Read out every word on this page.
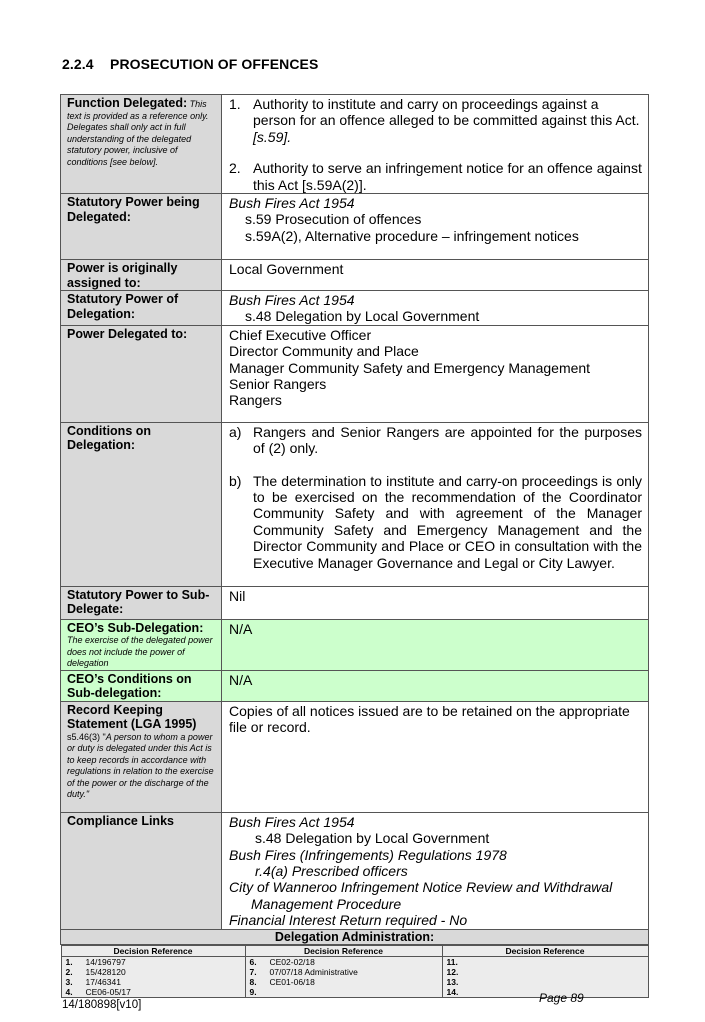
2.2.4 PROSECUTION OF OFFENCES
Function Delegated: This text is provided as a reference only. Delegates shall only act in full understanding of the delegated statutory power, inclusive of conditions [see below].

1. Authority to institute and carry on proceedings against a person for an offence alleged to be committed against this Act. [s.59].
2. Authority to serve an infringement notice for an offence against this Act [s.59A(2)].

Statutory Power being Delegated:

Bush Fires Act 1954
s.59 Prosecution of offences
s.59A(2), Alternative procedure – infringement notices

Power is originally assigned to:

Local Government

Statutory Power of Delegation:

Bush Fires Act 1954
s.48 Delegation by Local Government

Power Delegated to:	Chief Executive Officer
Director Community and Place
Manager Community Safety and Emergency Management
Senior Rangers
Rangers

Conditions on Delegation:

a) Rangers and Senior Rangers are appointed for the purposes of (2) only.
b) The determination to institute and carry-on proceedings is only to be exercised on the recommendation of the Coordinator Community Safety and with agreement of the Manager Community Safety and Emergency Management and the Director Community and Place or CEO in consultation with the Executive Manager Governance and Legal or City Lawyer.

Statutory Power to Sub-Delegate:

Nil

CEO’s Sub-Delegation:
The exercise of the delegated power does not include the power of delegation

N/A

CEO’s Conditions on Sub-delegation:

N/A

Record Keeping Statement (LGA 1995)
s5.46(3) "A person to whom a power or duty is delegated under this Act is to keep records in accordance with regulations in relation to the exercise of the power or the discharge of the duty."

Copies of all notices issued are to be retained on the appropriate file or record.

Compliance Links	Bush Fires Act 1954
s.48 Delegation by Local Government
Bush Fires (Infringements) Regulations 1978
r.4(a) Prescribed officers
City of Wanneroo Infringement Notice Review and Withdrawal
Management Procedure
Financial Interest Return required - No

Delegation Administration:

Decision Reference	Decision Reference	Decision Reference

1.	14/196797
2.	15/428120
3.	17/46341
4.	CE06-05/17

6.	CE02-02/18
7.	07/07/18 Administrative
8.	CE01-06/18
9.

11.
12.
13.
14.
14/180898[v10]	Page 89
